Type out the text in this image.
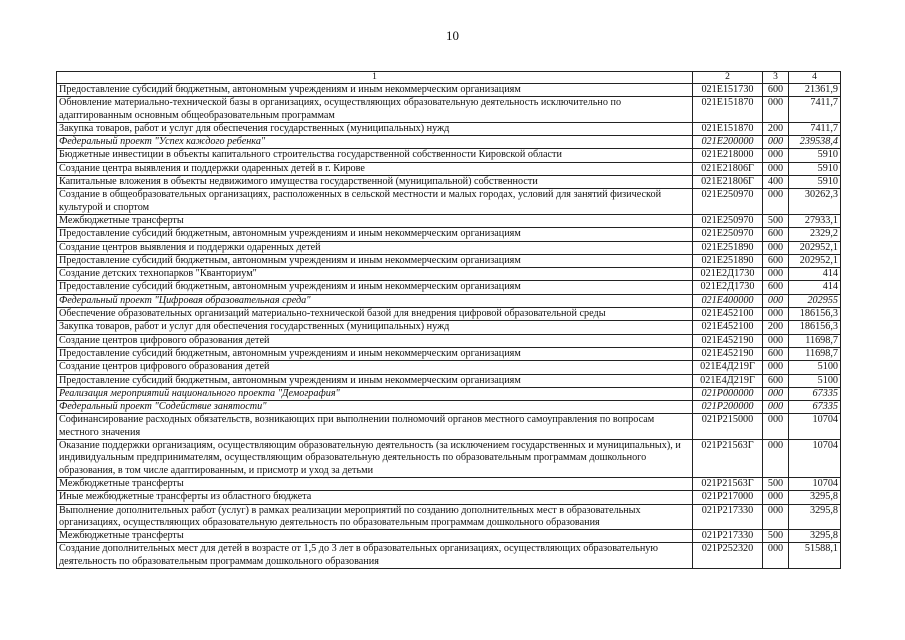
10
1	2	3	4
Предоставление субсидий бюджетным, автономным учреждениям и иным некоммерческим организациям	021E151730	600	21361,9
Обновление материально-технической базы в организациях, осуществляющих образовательную деятельность исключительно по адаптированным основным общеобразовательным программам	021E151870	000	7411,7
Закупка товаров, работ и услуг для обеспечения государственных (муниципальных) нужд	021E151870	200	7411,7
Федеральный проект "Успех каждого ребенка"	021E200000	000	239538,4
Бюджетные инвестиции в объекты капитального строительства государственной собственности Кировской области	021E218000	000	5910
Создание центра выявления и поддержки одаренных детей в г. Кирове	021E21806Г	000	5910
Капитальные вложения в объекты недвижимого имущества государственной (муниципальной) собственности	021E21806Г	400	5910
Создание в общеобразовательных организациях, расположенных в сельской местности и малых городах, условий для занятий физической культурой и спортом	021E250970	000	30262,3
Межбюджетные трансферты	021E250970	500	27933,1
Предоставление субсидий бюджетным, автономным учреждениям и иным некоммерческим организациям	021E250970	600	2329,2
Создание центров выявления и поддержки одаренных детей	021E251890	000	202952,1
Предоставление субсидий бюджетным, автономным учреждениям и иным некоммерческим организациям	021E251890	600	202952,1
Создание детских технопарков "Кванториум"	021E2Д1730	000	414
Предоставление субсидий бюджетным, автономным учреждениям и иным некоммерческим организациям	021E2Д1730	600	414
Федеральный проект "Цифровая образовательная среда"	021E400000	000	202955
Обеспечение образовательных организаций материально-технической базой для внедрения цифровой образовательной среды	021E452100	000	186156,3
Закупка товаров, работ и услуг для обеспечения государственных (муниципальных) нужд	021E452100	200	186156,3
Создание центров цифрового образования детей	021E452190	000	11698,7
Предоставление субсидий бюджетным, автономным учреждениям и иным некоммерческим организациям	021E452190	600	11698,7
Создание центров цифрового образования детей	021E4Д219Г	000	5100
Предоставление субсидий бюджетным, автономным учреждениям и иным некоммерческим организациям	021E4Д219Г	600	5100
Реализация мероприятий национального проекта "Демография"	021P000000	000	67335
Федеральный проект "Содействие занятости"	021P200000	000	67335
Софинансирование расходных обязательств, возникающих при выполнении полномочий органов местного самоуправления по вопросам местного значения	021P215000	000	10704
Оказание поддержки организациям, осуществляющим образовательную деятельность (за исключением государственных и муниципальных), и индивидуальным предпринимателям, осуществляющим образовательную деятельность по образовательным программам дошкольного образования, в том числе адаптированным, и присмотр и уход за детьми	021P21563Г	000	10704
Межбюджетные трансферты	021P21563Г	500	10704
Иные межбюджетные трансферты из областного бюджета	021P217000	000	3295,8
Выполнение дополнительных работ (услуг) в рамках реализации мероприятий по созданию дополнительных мест в образовательных организациях, осуществляющих образовательную деятельность по образовательным программам дошкольного образования	021P217330	000	3295,8
Межбюджетные трансферты	021P217330	500	3295,8
Создание дополнительных мест для детей в возрасте от 1,5 до 3 лет в образовательных организациях, осуществляющих образовательную деятельность по образовательным программам дошкольного образования	021P252320	000	51588,1
